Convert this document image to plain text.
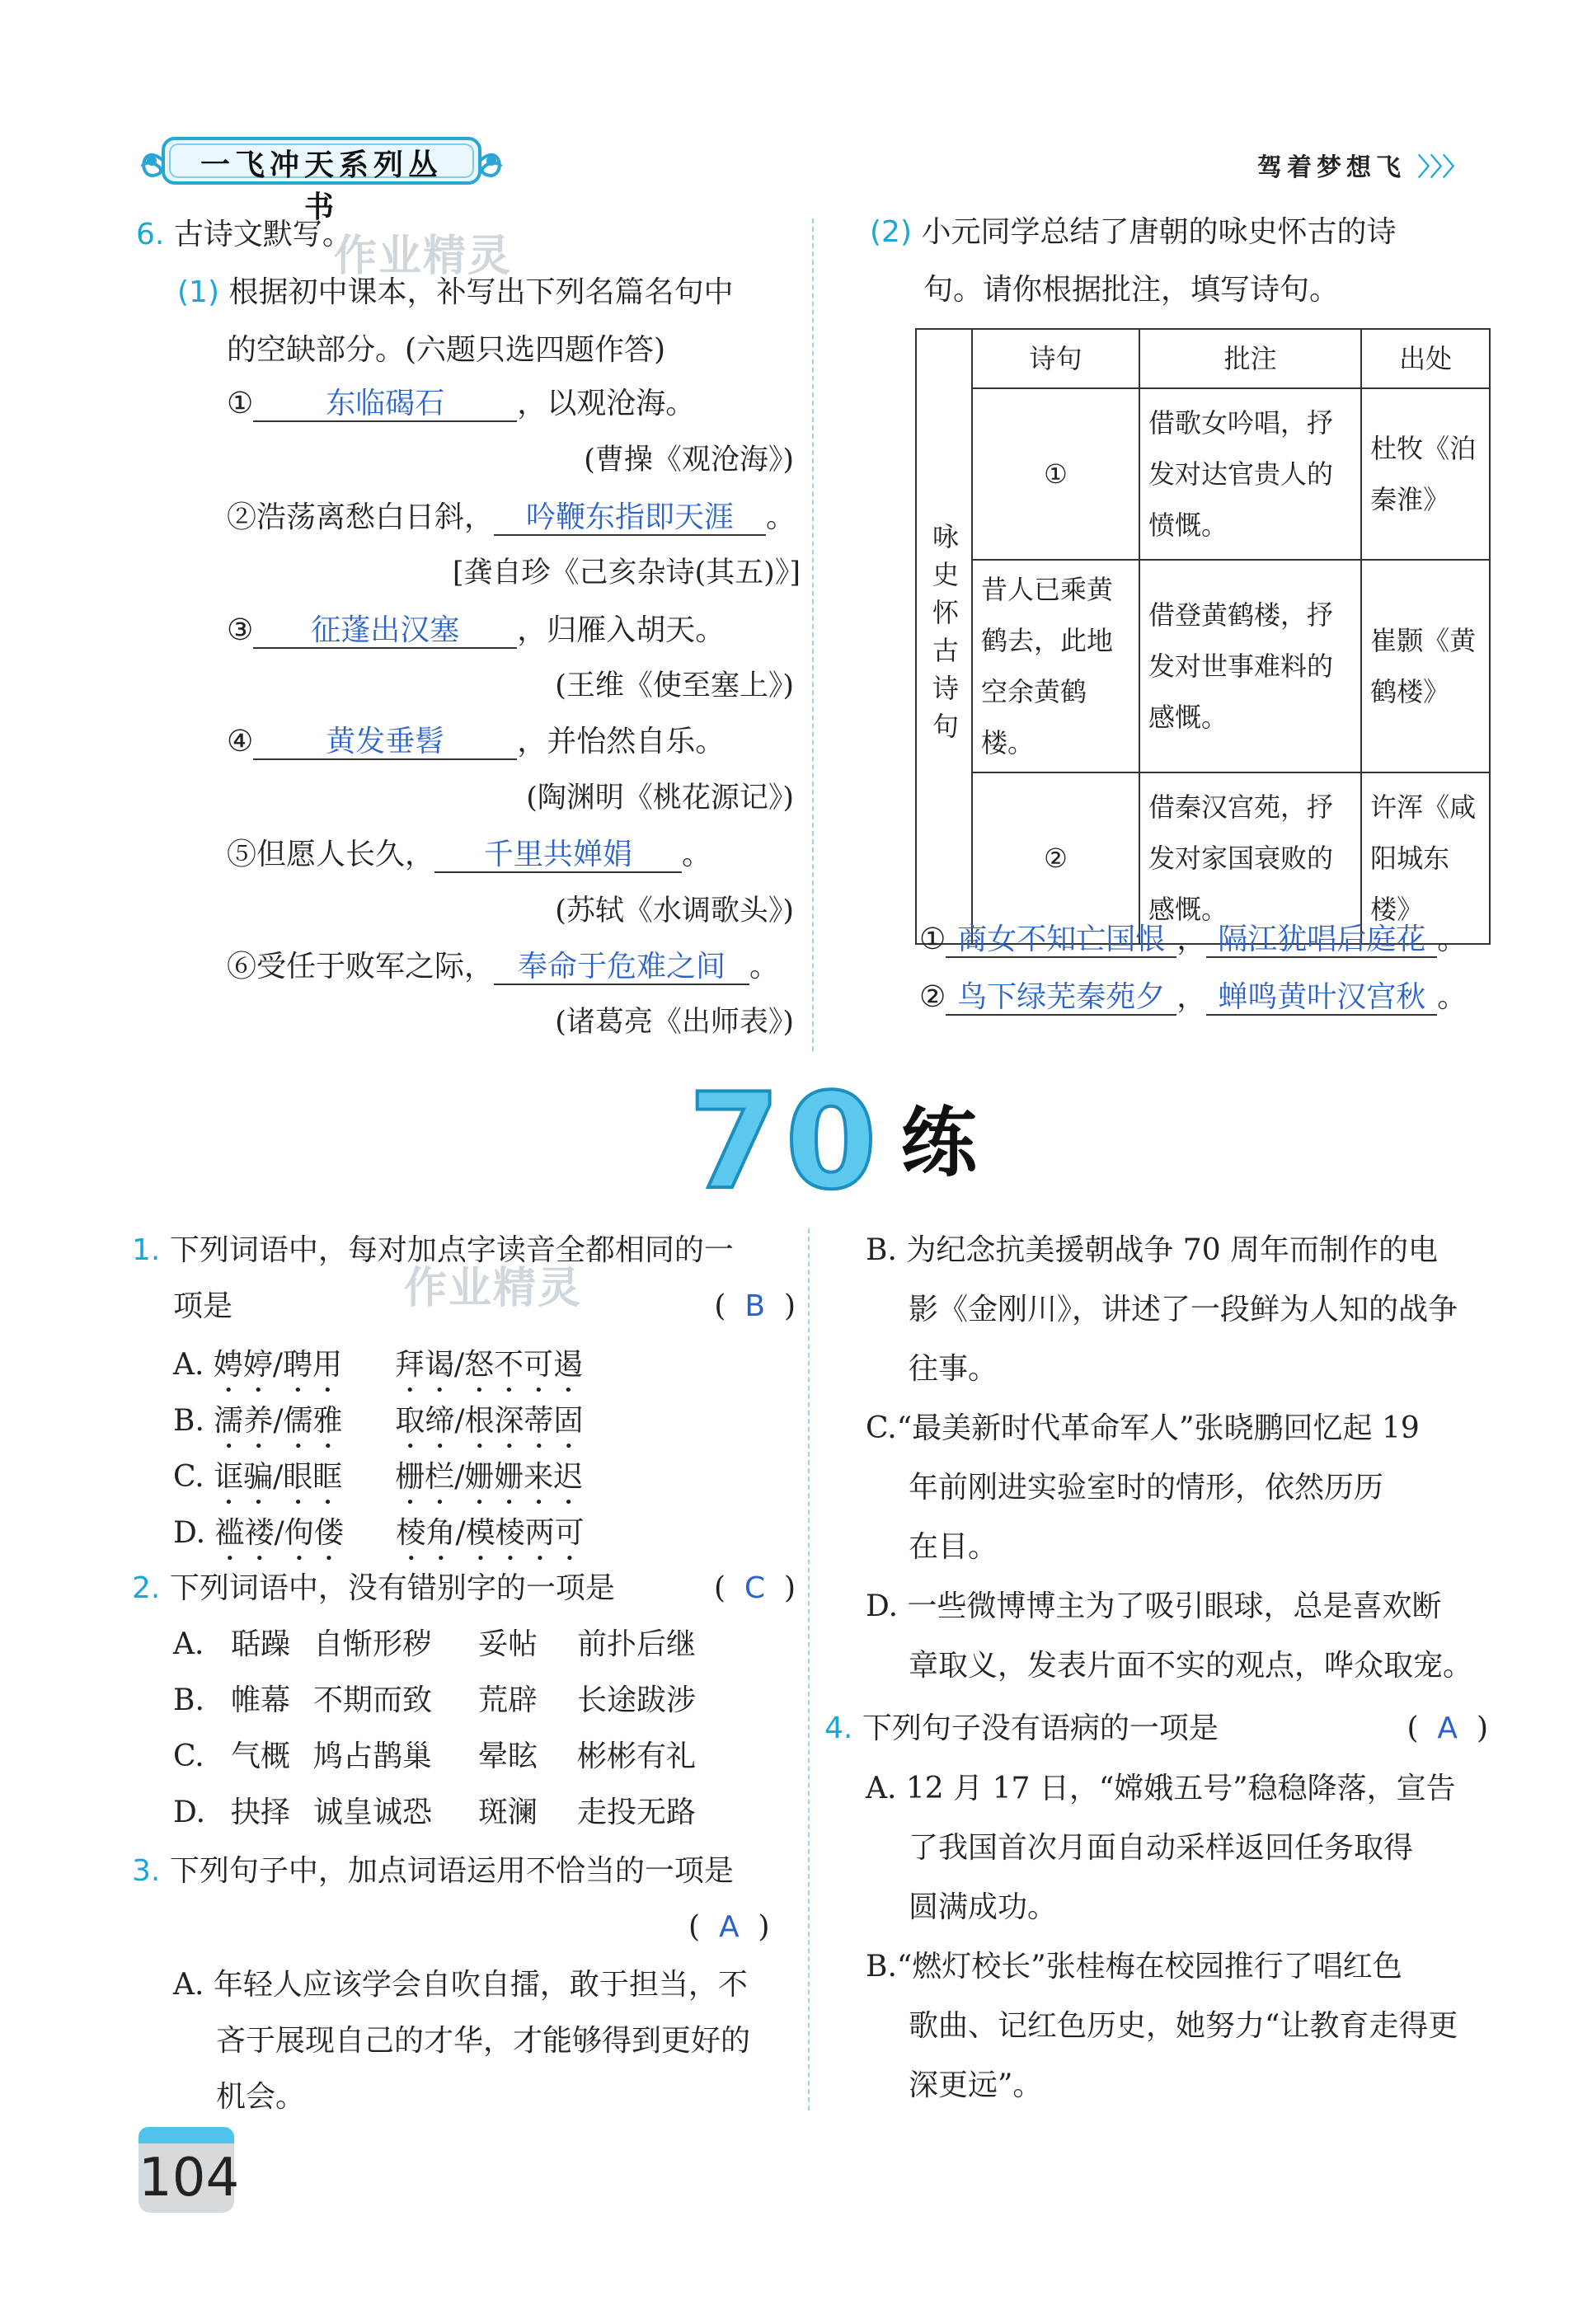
一飞冲天系列丛书
驾着梦想飞 〉〉〉
作业精灵
作业精灵
6. 古诗文默写。
(1) 根据初中课本，补写出下列名篇名句中
的空缺部分。(六题只选四题作答)
① 东临碣石 ，以观沧海。
(曹操《观沧海》)
②浩荡离愁白日斜， 吟鞭东指即天涯 。
[龚自珍《己亥杂诗(其五)》]
③ 征蓬出汉塞 ，归雁入胡天。
(王维《使至塞上》)
④ 黄发垂髫 ，并怡然自乐。
(陶渊明《桃花源记》)
⑤但愿人长久， 千里共婵娟 。
(苏轼《水调歌头》)
⑥受任于败军之际， 奉命于危难之间 。
(诸葛亮《出师表》)
(2) 小元同学总结了唐朝的咏史怀古的诗
句。请你根据批注，填写诗句。
咏史怀古诗句	诗句	批注	出处
	①	借歌女吟唱，抒发对达官贵人的愤慨。	杜牧《泊秦淮》
	昔人已乘黄鹤去，此地空余黄鹤楼。	借登黄鹤楼，抒发对世事难料的感慨。	崔颢《黄鹤楼》
	②	借秦汉宫苑，抒发对家国衰败的感慨。	许浑《咸阳城东楼》
① 商女不知亡国恨 ， 隔江犹唱后庭花 。
② 鸟下绿芜秦苑夕 ， 蝉鸣黄叶汉宫秋 。
70 练
1. 下列词语中，每对加点字读音全都相同的一
项是	(  B  )
A. 娉婷/聘用 拜谒/怒不可遏
B. 濡养/儒雅 取缔/根深蒂固
C. 诓骗/眼眶 栅栏/姗姗来迟
D. 褴褛/佝偻 棱角/模棱两可
2. 下列词语中，没有错别字的一项是	(  C  )
A. 聒躁 自惭形秽 妥帖 前扑后继
B. 帷幕 不期而致 荒辟 长途跋涉
C. 气概 鸠占鹊巢 晕眩 彬彬有礼
D. 抉择 诚皇诚恐 斑澜 走投无路
3. 下列句子中，加点词语运用不恰当的一项是
(  A  )
A. 年轻人应该学会自吹自擂，敢于担当，不
吝于展现自己的才华，才能够得到更好的
机会。
B. 为纪念抗美援朝战争 70 周年而制作的电
影《金刚川》，讲述了一段鲜为人知的战争
往事。
C.“最美新时代革命军人”张晓鹏回忆起 19
年前刚进实验室时的情形，依然历历
在目。
D. 一些微博博主为了吸引眼球，总是喜欢断
章取义，发表片面不实的观点，哗众取宠。
4. 下列句子没有语病的一项是	(  A  )
A. 12 月 17 日，“嫦娥五号”稳稳降落，宣告
了我国首次月面自动采样返回任务取得
圆满成功。
B.“燃灯校长”张桂梅在校园推行了唱红色
歌曲、记红色历史，她努力“让教育走得更
深更远”。
104
